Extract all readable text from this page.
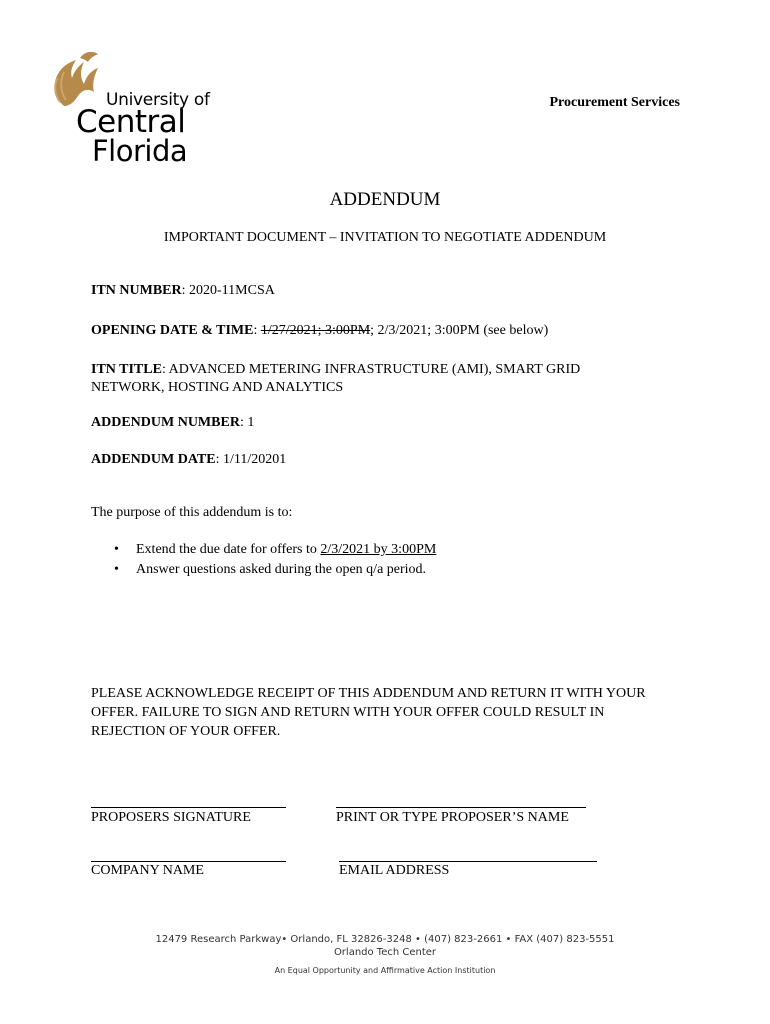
University of
Central
Florida
Procurement Services
ADDENDUM
IMPORTANT DOCUMENT – INVITATION TO NEGOTIATE ADDENDUM
ITN NUMBER: 2020-11MCSA
OPENING DATE & TIME: 1/27/2021; 3:00PM; 2/3/2021; 3:00PM (see below)
ITN TITLE: ADVANCED METERING INFRASTRUCTURE (AMI), SMART GRID NETWORK, HOSTING AND ANALYTICS
ADDENDUM NUMBER: 1
ADDENDUM DATE: 1/11/20201
The purpose of this addendum is to:
• Extend the due date for offers to 2/3/2021 by 3:00PM
• Answer questions asked during the open q/a period.
PLEASE ACKNOWLEDGE RECEIPT OF THIS ADDENDUM AND RETURN IT WITH YOUR OFFER. FAILURE TO SIGN AND RETURN WITH YOUR OFFER COULD RESULT IN REJECTION OF YOUR OFFER.
PROPOSERS SIGNATURE	PRINT OR TYPE PROPOSER’S NAME
COMPANY NAME	EMAIL ADDRESS
12479 Research Parkway• Orlando, FL 32826-3248 • (407) 823-2661 • FAX (407) 823-5551
Orlando Tech Center
An Equal Opportunity and Affirmative Action Institution
